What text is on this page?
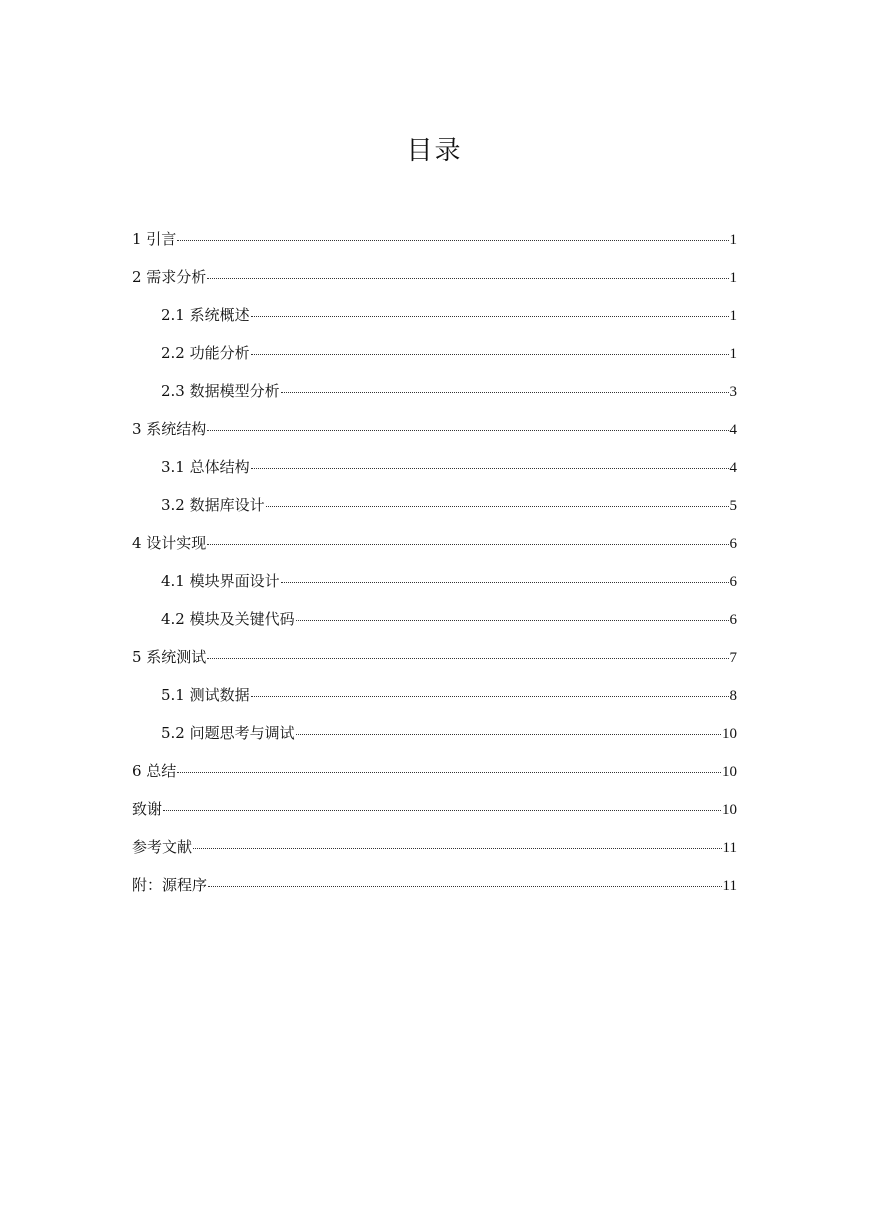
目录
1 引言	1
2 需求分析	1
2.1 系统概述	1
2.2 功能分析	1
2.3 数据模型分析	3
3 系统结构	4
3.1 总体结构	4
3.2 数据库设计	5
4 设计实现	6
4.1 模块界面设计	6
4.2 模块及关键代码	6
5 系统测试	7
5.1 测试数据	8
5.2 问题思考与调试	10
6 总结	10
致谢	10
参考文献	11
附：源程序	11
